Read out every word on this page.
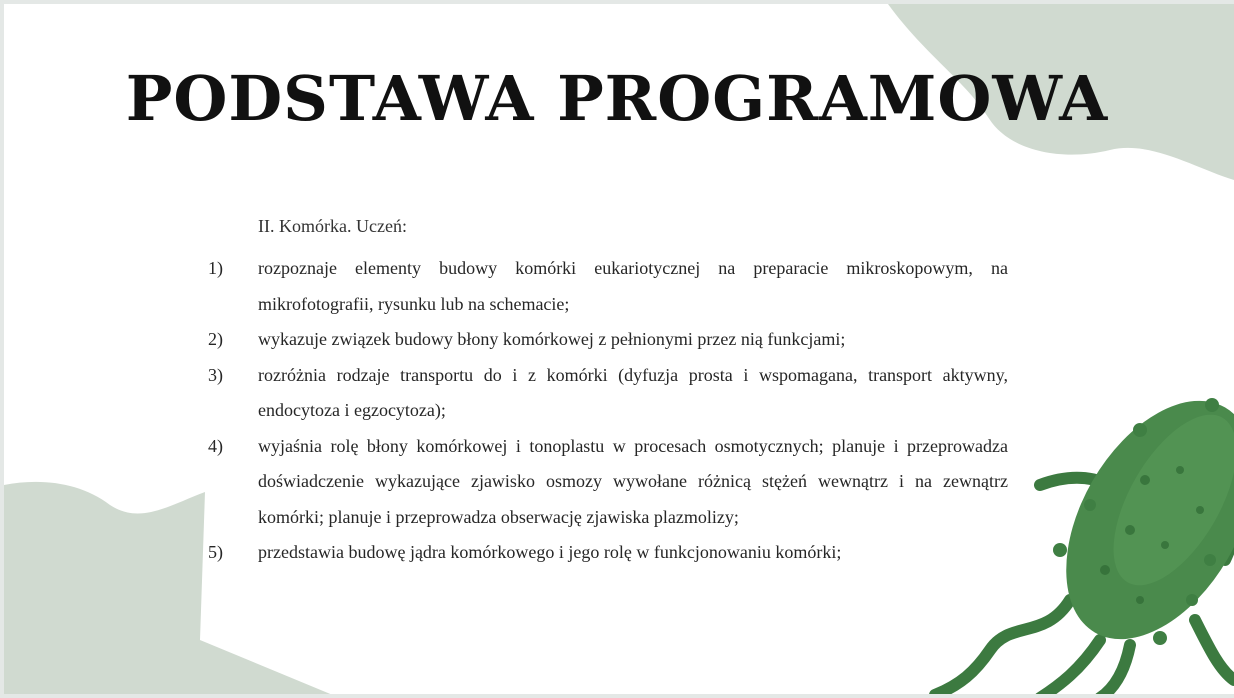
PODSTAWA PROGRAMOWA

II. Komórka. Uczeń:

1)	rozpoznaje elementy budowy komórki eukariotycznej na preparacie mikroskopowym, na mikrofotografii, rysunku lub na schemacie;
2)	wykazuje związek budowy błony komórkowej z pełnionymi przez nią funkcjami;
3)	rozróżnia rodzaje transportu do i z komórki (dyfuzja prosta i wspomagana, transport aktywny, endocytoza i egzocytoza);
4)	wyjaśnia rolę błony komórkowej i tonoplastu w procesach osmotycznych; planuje i przeprowadza doświadczenie wykazujące zjawisko osmozy wywołane różnicą stężeń wewnątrz i na zewnątrz komórki; planuje i przeprowadza obserwację zjawiska plazmolizy;
5)	przedstawia budowę jądra komórkowego i jego rolę w funkcjonowaniu komórki;
